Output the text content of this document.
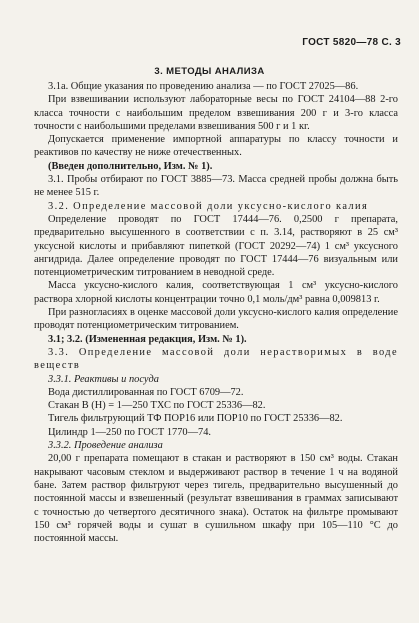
ГОСТ 5820—78 С. 3
3. МЕТОДЫ АНАЛИЗА

3.1а. Общие указания по проведению анализа — по ГОСТ 27025—86.

При взвешивании используют лабораторные весы по ГОСТ 24104—88 2-го класса точности с наибольшим пределом взвешивания 200 г и 3-го класса точности с наибольшими пределами взвешивания 500 г и 1 кг.

Допускается применение импортной аппаратуры по классу точности и реактивов по качеству не ниже отечественных.

(Введен дополнительно, Изм. № 1).

3.1. Пробы отбирают по ГОСТ 3885—73. Масса средней пробы должна быть не менее 515 г.

3.2. Определение массовой доли уксусно-кислого калия

Определение проводят по ГОСТ 17444—76. 0,2500 г препарата, предварительно высушенного в соответствии с п. 3.14, растворяют в 25 см³ уксусной кислоты и прибавляют пипеткой (ГОСТ 20292—74) 1 см³ уксусного ангидрида. Далее определение проводят по ГОСТ 17444—76 визуальным или потенциометрическим титрованием в неводной среде.

Масса уксусно-кислого калия, соответствующая 1 см³ уксусно-кислого раствора хлорной кислоты концентрации точно 0,1 моль/дм³ равна 0,009813 г.

При разногласиях в оценке массовой доли уксусно-кислого калия определение проводят потенциометрическим титрованием.

3.1; 3.2. (Измененная редакция, Изм. № 1).

3.3. Определение массовой доли нерастворимых в воде веществ

3.3.1. Реактивы и посуда

Вода дистиллированная по ГОСТ 6709—72.

Стакан В (Н) = 1—250 ТХС по ГОСТ 25336—82.

Тигель фильтрующий ТФ ПОР16 или ПОР10 по ГОСТ 25336—82.

Цилиндр 1—250 по ГОСТ 1770—74.

3.3.2. Проведение анализа

20,00 г препарата помещают в стакан и растворяют в 150 см³ воды. Стакан накрывают часовым стеклом и выдерживают раствор в течение 1 ч на водяной бане. Затем раствор фильтруют через тигель, предварительно высушенный до постоянной массы и взвешенный (результат взвешивания в граммах записывают с точностью до четвертого десятичного знака). Остаток на фильтре промывают 150 см³ горячей воды и сушат в сушильном шкафу при 105—110 °С до постоянной массы.
